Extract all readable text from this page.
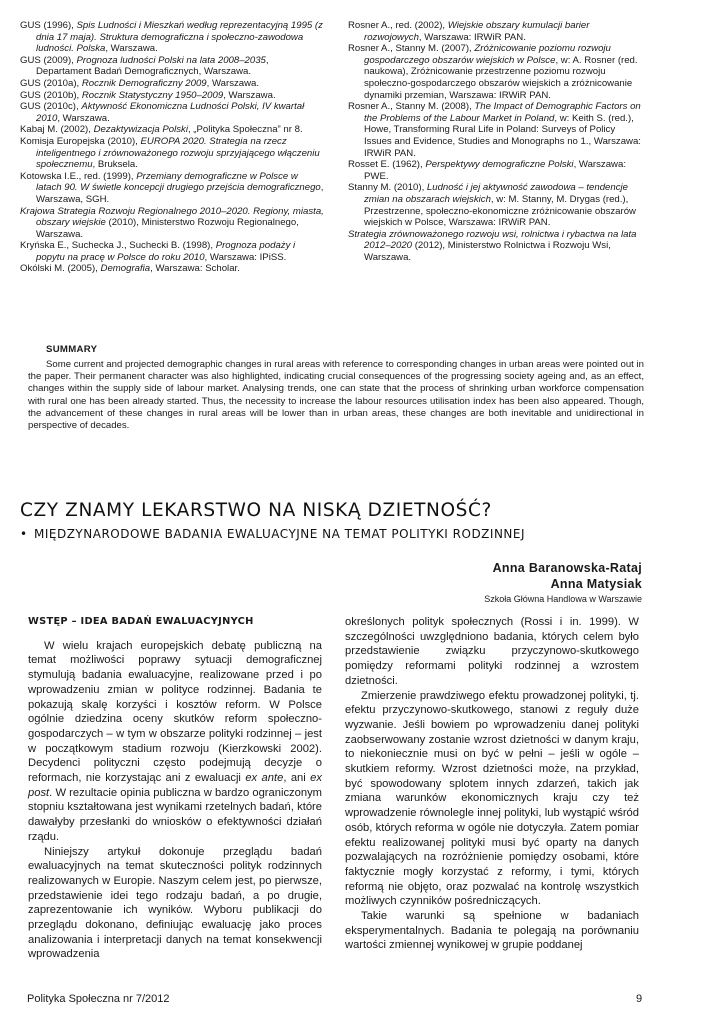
GUS (1996), Spis Ludności i Mieszkań według reprezentacyjną 1995 (z dnia 17 maja). Struktura demograficzna i społeczno-zawodowa ludności. Polska, Warszawa.

GUS (2009), Prognoza ludności Polski na lata 2008–2035, Departament Badań Demograficznych, Warszawa.

GUS (2010a), Rocznik Demograficzny 2009, Warszawa.

GUS (2010b), Rocznik Statystyczny 1950–2009, Warszawa.

GUS (2010c), Aktywność Ekonomiczna Ludności Polski, IV kwartał 2010, Warszawa.

Kabaj M. (2002), Dezaktywizacja Polski, „Polityka Społeczna” nr 8.

Komisja Europejska (2010), EUROPA 2020. Strategia na rzecz inteligentnego i zrównoważonego rozwoju sprzyjającego włączeniu społecznemu, Bruksela.

Kotowska I.E., red. (1999), Przemiany demograficzne w Polsce w latach 90. W świetle koncepcji drugiego przejścia demograficznego, Warszawa, SGH.

Krajowa Strategia Rozwoju Regionalnego 2010–2020. Regiony, miasta, obszary wiejskie (2010), Ministerstwo Rozwoju Regionalnego, Warszawa.

Kryńska E., Suchecka J., Suchecki B. (1998), Prognoza podaży i popytu na pracę w Polsce do roku 2010, Warszawa: IPiSS.

Okólski M. (2005), Demografia, Warszawa: Scholar.

Rosner A., red. (2002), Wiejskie obszary kumulacji barier rozwojowych, Warszawa: IRWiR PAN.

Rosner A., Stanny M. (2007), Zróżnicowanie poziomu rozwoju gospodarczego obszarów wiejskich w Polsce, w: A. Rosner (red. naukowa), Zróżnicowanie przestrzenne poziomu rozwoju społeczno-gospodarczego obszarów wiejskich a zróżnicowanie dynamiki przemian, Warszawa: IRWiR PAN.

Rosner A., Stanny M. (2008), The Impact of Demographic Factors on the Problems of the Labour Market in Poland, w: Keith S. (red.), Howe, Transforming Rural Life in Poland: Surveys of Policy Issues and Evidence, Studies and Monographs no 1., Warszawa: IRWiR PAN.

Rosset E. (1962), Perspektywy demograficzne Polski, Warszawa: PWE.

Stanny M. (2010), Ludność i jej aktywność zawodowa – tendencje zmian na obszarach wiejskich, w: M. Stanny, M. Drygas (red.), Przestrzenne, społeczno-ekonomiczne zróżnicowanie obszarów wiejskich w Polsce, Warszawa: IRWiR PAN.

Strategia zrównoważonego rozwoju wsi, rolnictwa i rybactwa na lata 2012–2020 (2012), Ministerstwo Rolnictwa i Rozwoju Wsi, Warszawa.

SUMMARY

Some current and projected demographic changes in rural areas with reference to corresponding changes in urban areas were pointed out in the paper. Their permanent character was also highlighted, indicating crucial consequences of the progressing society ageing and, as an effect, changes within the supply side of labour market. Analysing trends, one can state that the process of shrinking urban workforce compensation with rural one has been already started. Thus, the necessity to increase the labour resources utilisation index has been also appeared. Though, the advancement of these changes in rural areas will be lower than in urban areas, these changes are both inevitable and unidirectional in perspective of decades.

CZY ZNAMY LEKARSTWO NA NISKĄ DZIETNOŚĆ?
• MIĘDZYNARODOWE BADANIA EWALUACYJNE NA TEMAT POLITYKI RODZINNEJ
Anna Baranowska-Rataj
Anna Matysiak
Szkoła Główna Handlowa w Warszawie
WSTĘP – IDEA BADAŃ EWALUACYJNYCH

W wielu krajach europejskich debatę publiczną na temat możliwości poprawy sytuacji demograficznej stymulują badania ewaluacyjne, realizowane przed i po wprowadzeniu zmian w polityce rodzinnej. Badania te pokazują skalę korzyści i kosztów reform. W Polsce ogólnie dziedzina oceny skutków reform społeczno-gospodarczych – w tym w obszarze polityki rodzinnej – jest w początkowym stadium rozwoju (Kierzkowski 2002). Decydenci polityczni często podejmują decyzje o reformach, nie korzystając ani z ewaluacji ex ante, ani ex post. W rezultacie opinia publiczna w bardzo ograniczonym stopniu kształtowana jest wynikami rzetelnych badań, które dawałyby przesłanki do wniosków o efektywności działań rządu.

Niniejszy artykuł dokonuje przeglądu badań ewaluacyjnych na temat skuteczności polityk rodzinnych realizowanych w Europie. Naszym celem jest, po pierwsze, przedstawienie idei tego rodzaju badań, a po drugie, zaprezentowanie ich wyników. Wyboru publikacji do przeglądu dokonano, definiując ewaluację jako proces analizowania i interpretacji danych na temat konsekwencji wprowadzenia

określonych polityk społecznych (Rossi i in. 1999). W szczególności uwzględniono badania, których celem było przedstawienie związku przyczynowo-skutkowego pomiędzy reformami polityki rodzinnej a wzrostem dzietności.

Zmierzenie prawdziwego efektu prowadzonej polityki, tj. efektu przyczynowo-skutkowego, stanowi z reguły duże wyzwanie. Jeśli bowiem po wprowadzeniu danej polityki zaobserwowany zostanie wzrost dzietności w danym kraju, to niekoniecznie musi on być w pełni – jeśli w ogóle – skutkiem reformy. Wzrost dzietności może, na przykład, być spowodowany splotem innych zdarzeń, takich jak zmiana warunków ekonomicznych kraju czy też wprowadzenie równolegle innej polityki, lub wystąpić wśród osób, których reforma w ogóle nie dotyczyła. Zatem pomiar efektu realizowanej polityki musi być oparty na danych pozwalających na rozróżnienie pomiędzy osobami, które faktycznie mogły korzystać z reformy, i tymi, których reformą nie objęto, oraz pozwalać na kontrolę wszystkich możliwych czynników pośredniczących.

Takie warunki są spełnione w badaniach eksperymentalnych. Badania te polegają na porównaniu wartości zmiennej wynikowej w grupie poddanej

Polityka Społeczna nr 7/2012	9
